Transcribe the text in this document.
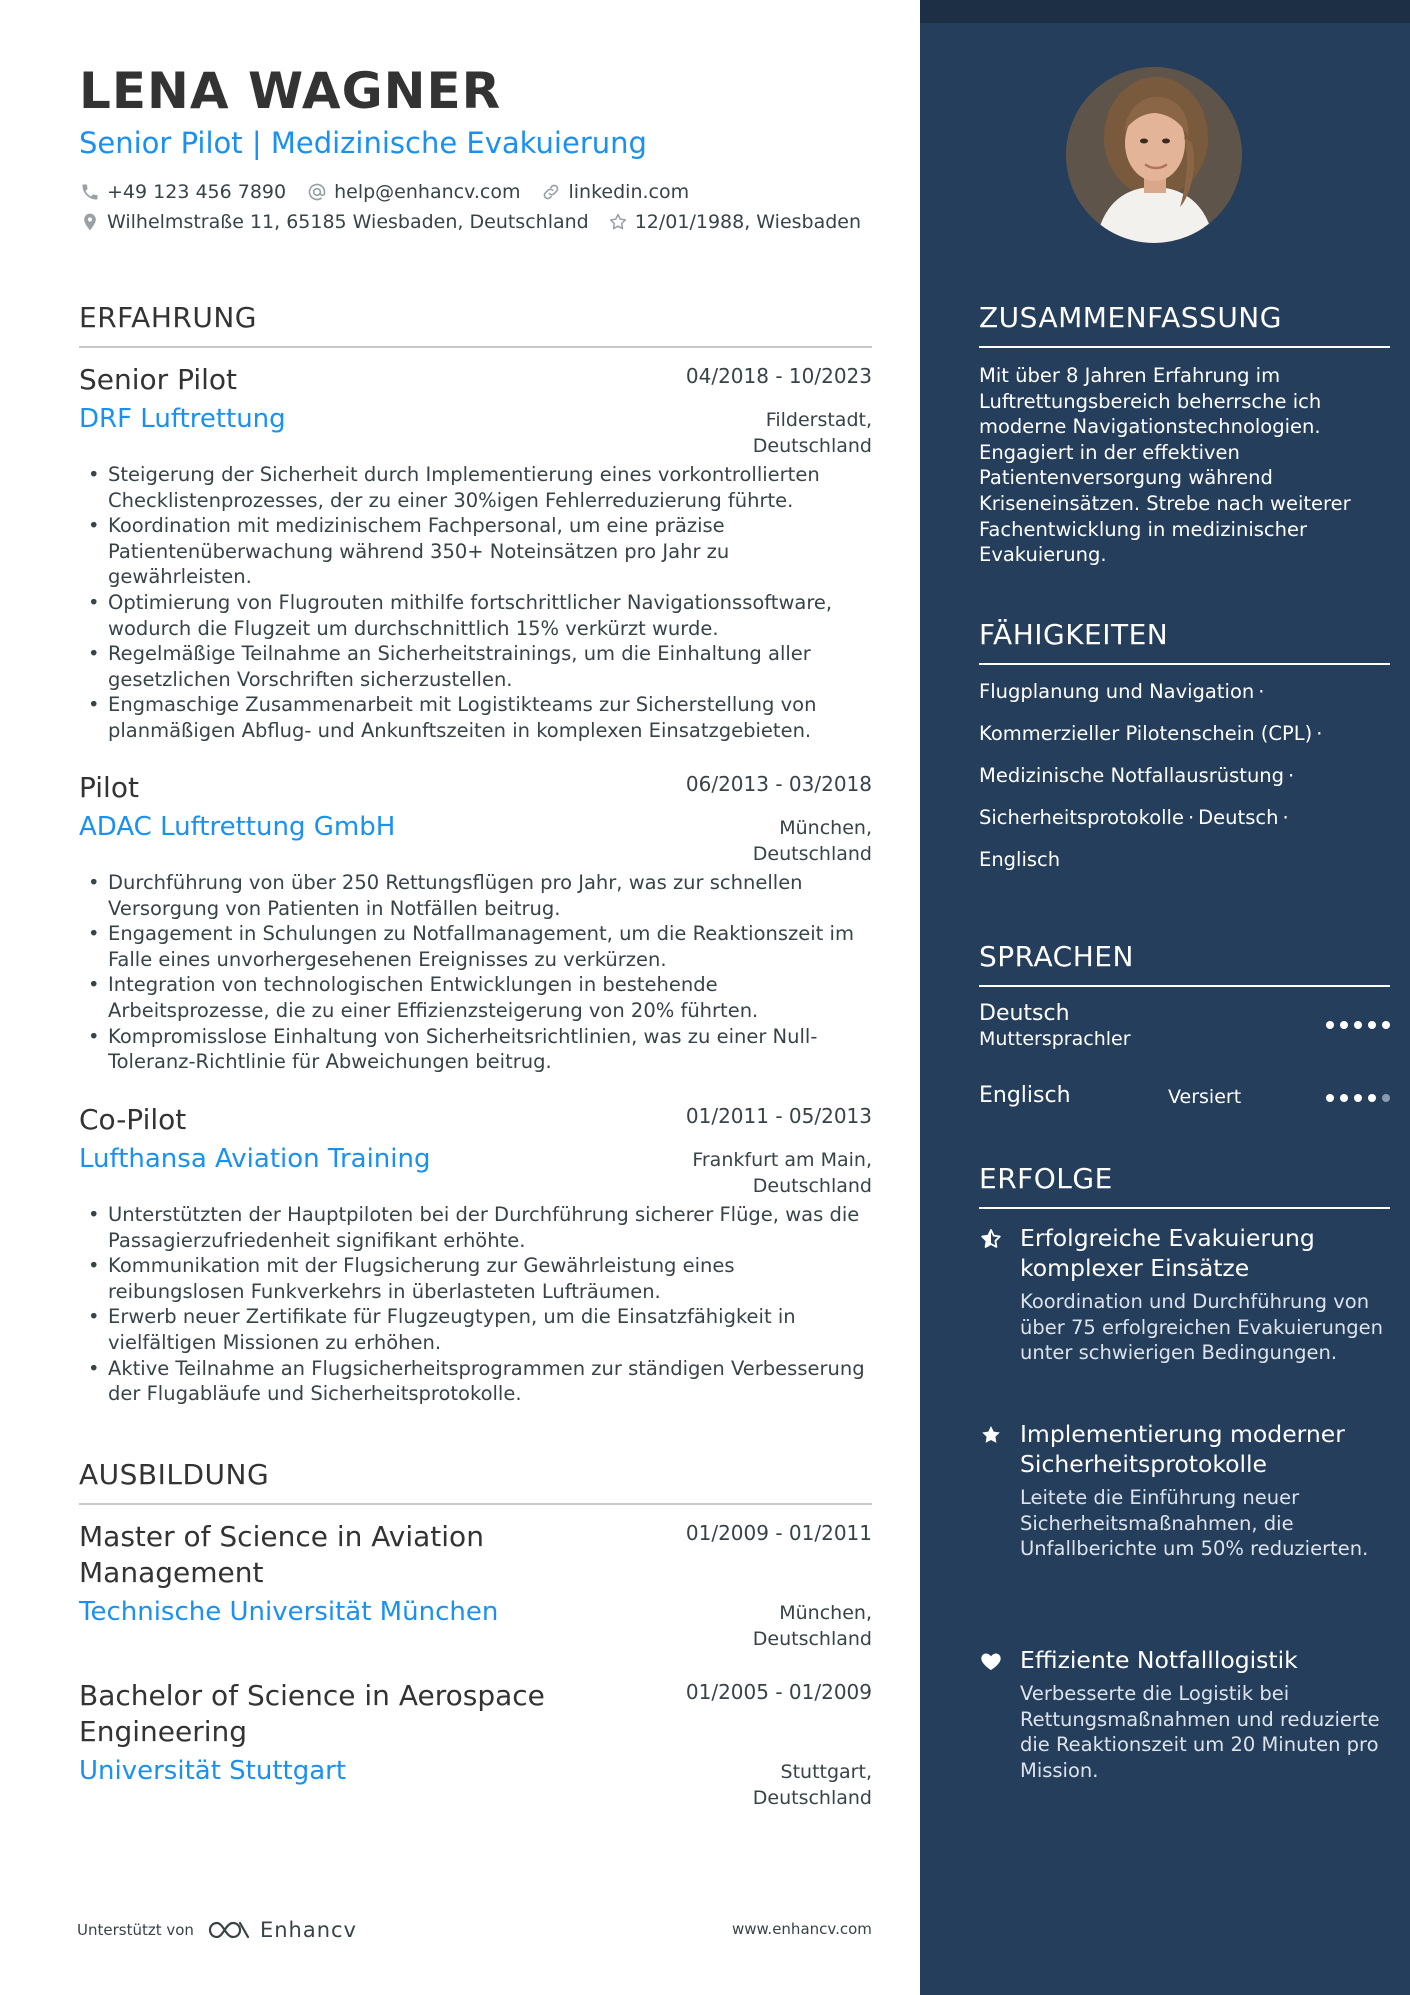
LENA WAGNER
Senior Pilot | Medizinische Evakuierung
+49 123 456 7890	help@enhancv.com	linkedin.com
Wilhelmstraße 11, 65185 Wiesbaden, Deutschland 12/01/1988, Wiesbaden
ERFAHRUNG
Senior Pilot	04/2018 - 10/2023
DRF Luftrettung	Filderstadt,
Deutschland
• Steigerung der Sicherheit durch Implementierung eines vorkontrollierten Checklistenprozesses, der zu einer 30%igen Fehlerreduzierung führte.
• Koordination mit medizinischem Fachpersonal, um eine präzise Patientenüberwachung während 350+ Noteinsätzen pro Jahr zu gewährleisten.
• Optimierung von Flugrouten mithilfe fortschrittlicher Navigationssoftware, wodurch die Flugzeit um durchschnittlich 15% verkürzt wurde.
• Regelmäßige Teilnahme an Sicherheitstrainings, um die Einhaltung aller gesetzlichen Vorschriften sicherzustellen.
• Engmaschige Zusammenarbeit mit Logistikteams zur Sicherstellung von planmäßigen Abflug- und Ankunftszeiten in komplexen Einsatzgebieten.
Pilot	06/2013 - 03/2018
ADAC Luftrettung GmbH	München,
Deutschland
• Durchführung von über 250 Rettungsflügen pro Jahr, was zur schnellen Versorgung von Patienten in Notfällen beitrug.
• Engagement in Schulungen zu Notfallmanagement, um die Reaktionszeit im Falle eines unvorhergesehenen Ereignisses zu verkürzen.
• Integration von technologischen Entwicklungen in bestehende Arbeitsprozesse, die zu einer Effizienzsteigerung von 20% führten.
• Kompromisslose Einhaltung von Sicherheitsrichtlinien, was zu einer Null-Toleranz-Richtlinie für Abweichungen beitrug.
Co-Pilot	01/2011 - 05/2013
Lufthansa Aviation Training	Frankfurt am Main,
Deutschland
• Unterstützten der Hauptpiloten bei der Durchführung sicherer Flüge, was die Passagierzufriedenheit signifikant erhöhte.
• Kommunikation mit der Flugsicherung zur Gewährleistung eines reibungslosen Funkverkehrs in überlasteten Lufträumen.
• Erwerb neuer Zertifikate für Flugzeugtypen, um die Einsatzfähigkeit in vielfältigen Missionen zu erhöhen.
• Aktive Teilnahme an Flugsicherheitsprogrammen zur ständigen Verbesserung der Flugabläufe und Sicherheitsprotokolle.
AUSBILDUNG
Master of Science in Aviation
Management
01/2009 - 01/2011
Technische Universität München	München,
Deutschland
Bachelor of Science in Aerospace
Engineering
01/2005 - 01/2009
Universität Stuttgart	Stuttgart,
Deutschland
Unterstützt von	Enhancv	www.enhancv.com
ZUSAMMENFASSUNG
Mit über 8 Jahren Erfahrung im Luftrettungsbereich beherrsche ich moderne Navigationstechnologien. Engagiert in der effektiven Patientenversorgung während Kriseneinsätzen. Strebe nach weiterer Fachentwicklung in medizinischer Evakuierung.
FÄHIGKEITEN
Flugplanung und Navigation ·
Kommerzieller Pilotenschein (CPL) ·
Medizinische Notfallausrüstung ·
Sicherheitsprotokolle · Deutsch ·
Englisch
SPRACHEN
Deutsch
Muttersprachler
Englisch	Versiert
ERFOLGE
Erfolgreiche Evakuierung komplexer Einsätze
Koordination und Durchführung von über 75 erfolgreichen Evakuierungen unter schwierigen Bedingungen.
Implementierung moderner Sicherheitsprotokolle
Leitete die Einführung neuer Sicherheitsmaßnahmen, die Unfallberichte um 50% reduzierten.
Effiziente Notfalllogistik
Verbesserte die Logistik bei Rettungsmaßnahmen und reduzierte die Reaktionszeit um 20 Minuten pro Mission.
